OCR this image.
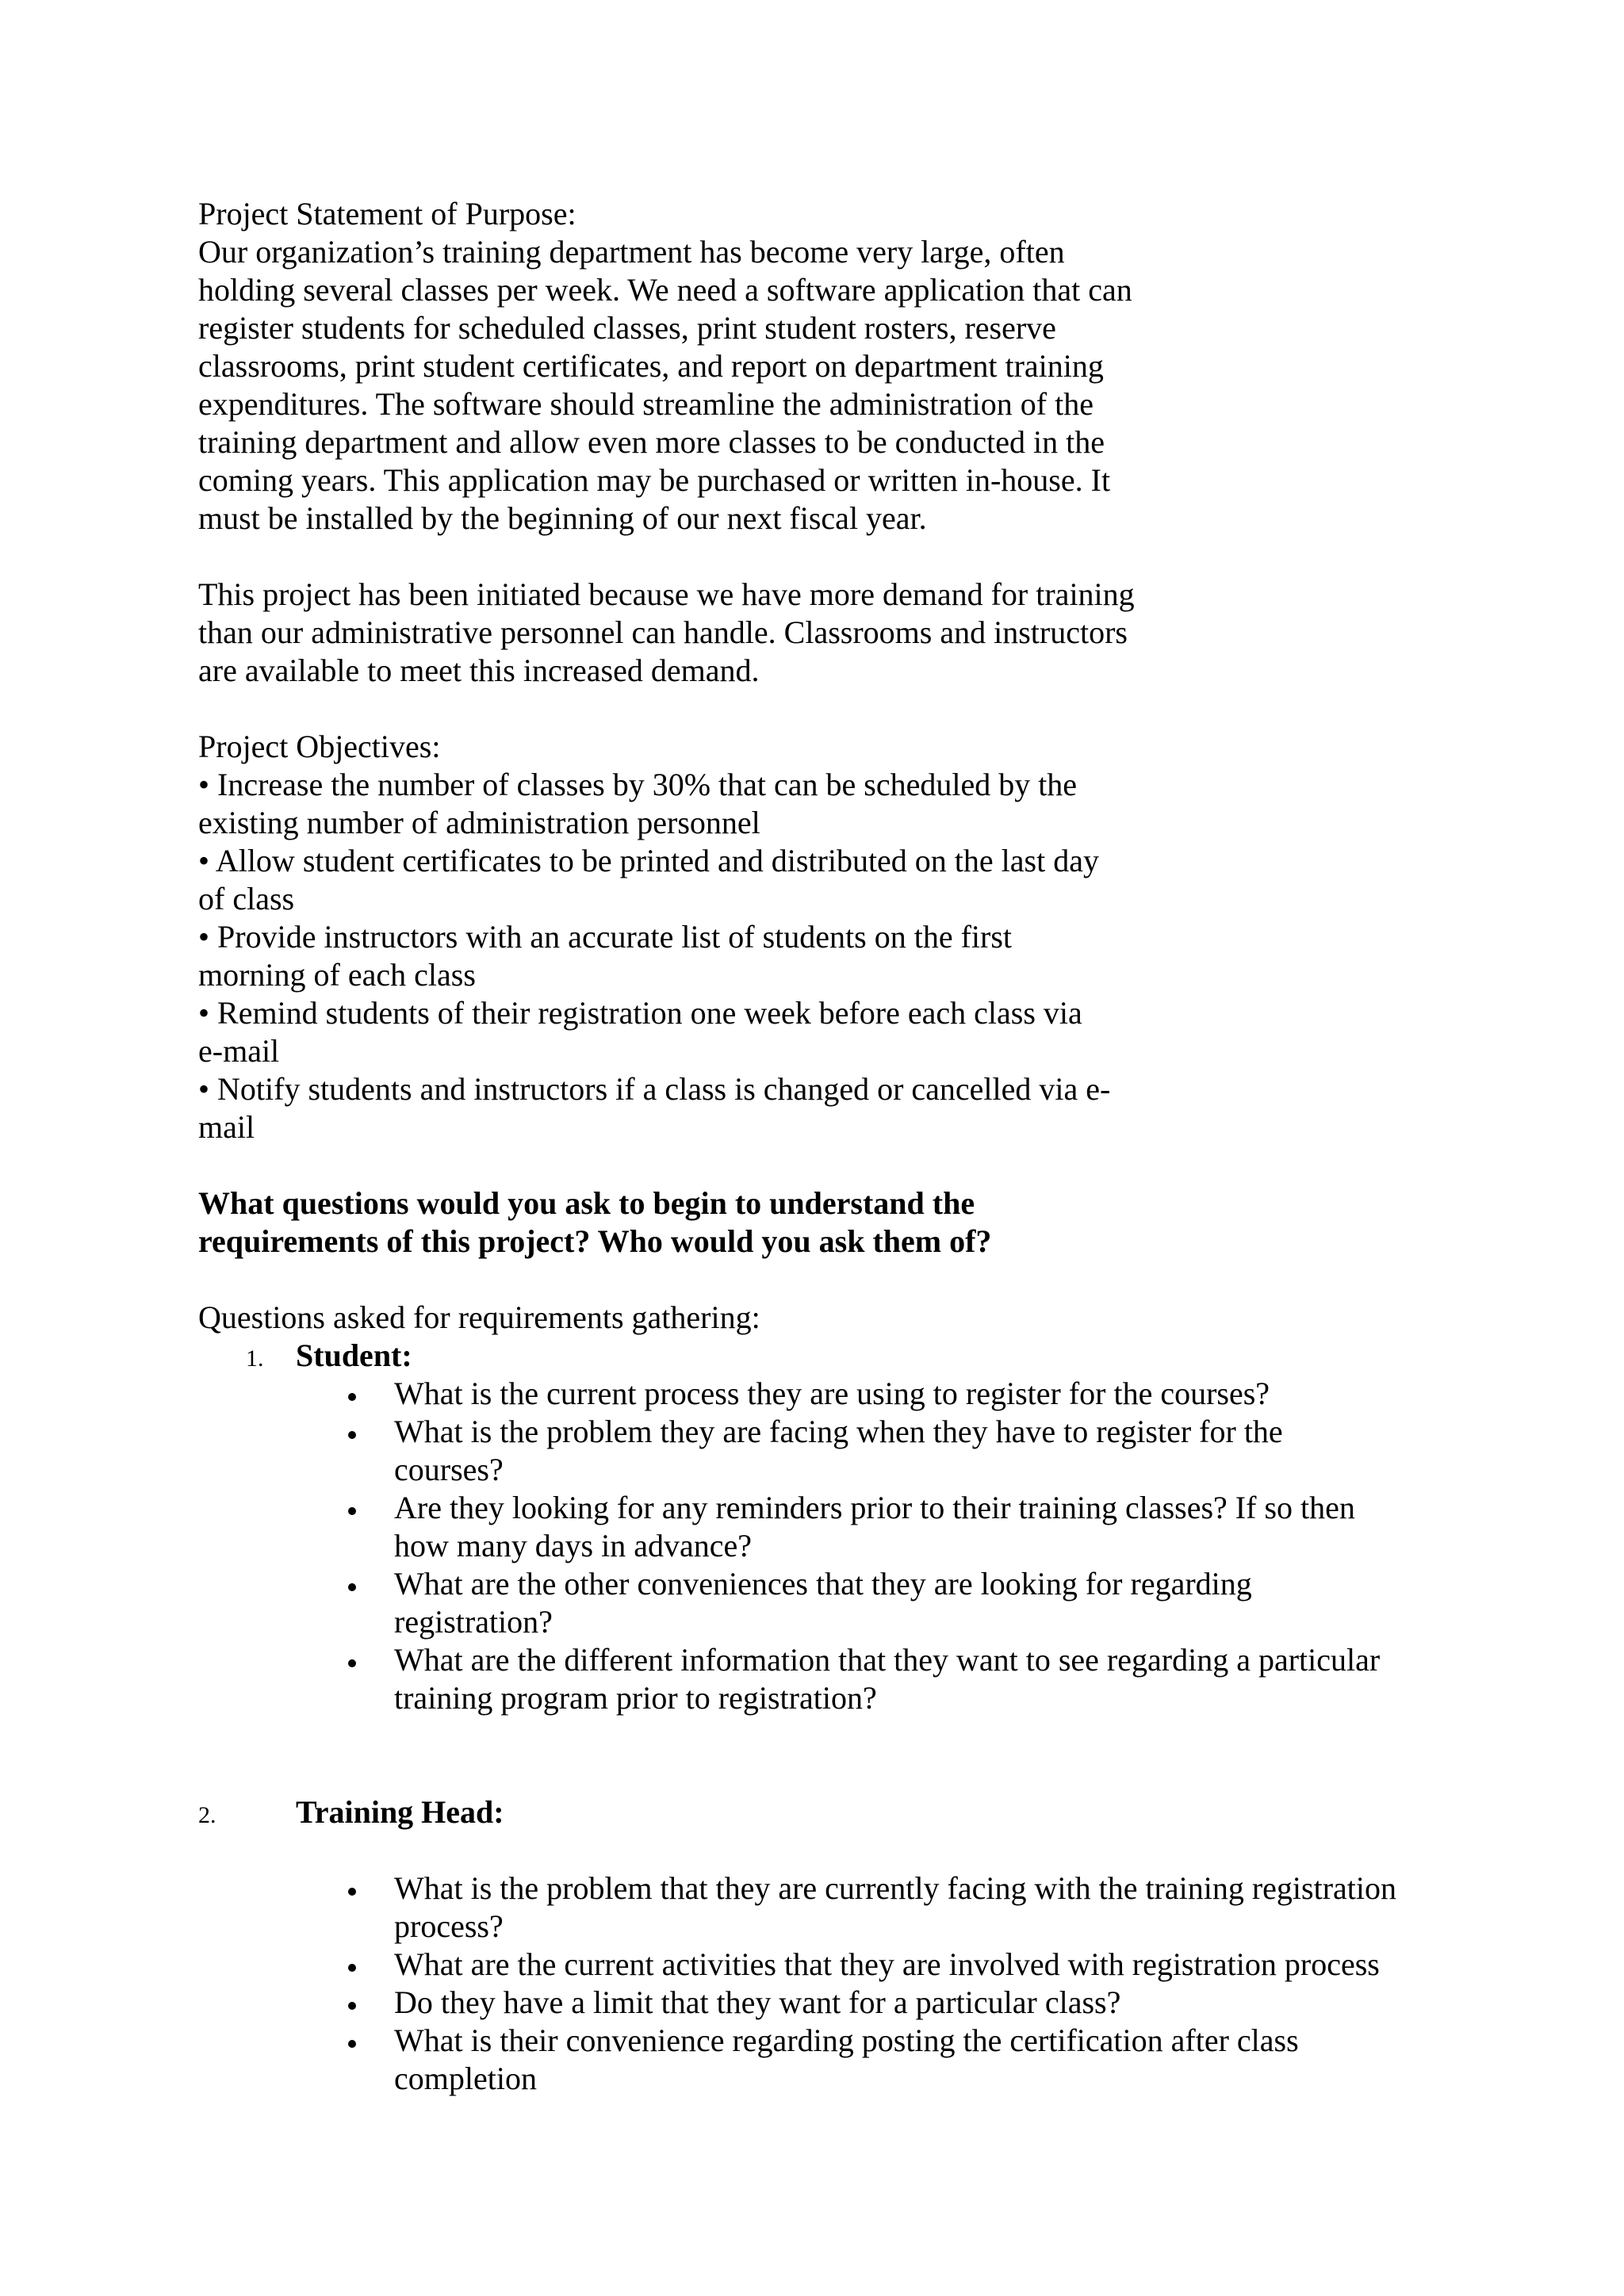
Project Statement of Purpose:
Our organization’s training department has become very large, often
holding several classes per week. We need a software application that can
register students for scheduled classes, print student rosters, reserve
classrooms, print student certificates, and report on department training
expenditures. The software should streamline the administration of the
training department and allow even more classes to be conducted in the
coming years. This application may be purchased or written in-house. It
must be installed by the beginning of our next fiscal year.
This project has been initiated because we have more demand for training
than our administrative personnel can handle. Classrooms and instructors
are available to meet this increased demand.
Project Objectives:
• Increase the number of classes by 30% that can be scheduled by the
existing number of administration personnel
• Allow student certificates to be printed and distributed on the last day
of class
• Provide instructors with an accurate list of students on the first
morning of each class
• Remind students of their registration one week before each class via
e-mail
• Notify students and instructors if a class is changed or cancelled via e-
mail
What questions would you ask to begin to understand the
requirements of this project? Who would you ask them of?
Questions asked for requirements gathering:
1. Student:
What is the current process they are using to register for the courses?
What is the problem they are facing when they have to register for the
courses?
Are they looking for any reminders prior to their training classes? If so then
how many days in advance?
What are the other conveniences that they are looking for regarding
registration?
What are the different information that they want to see regarding a particular
training program prior to registration?
2.	Training Head:
What is the problem that they are currently facing with the training registration
process?
What are the current activities that they are involved with registration process
Do they have a limit that they want for a particular class?
What is their convenience regarding posting the certification after class
completion
